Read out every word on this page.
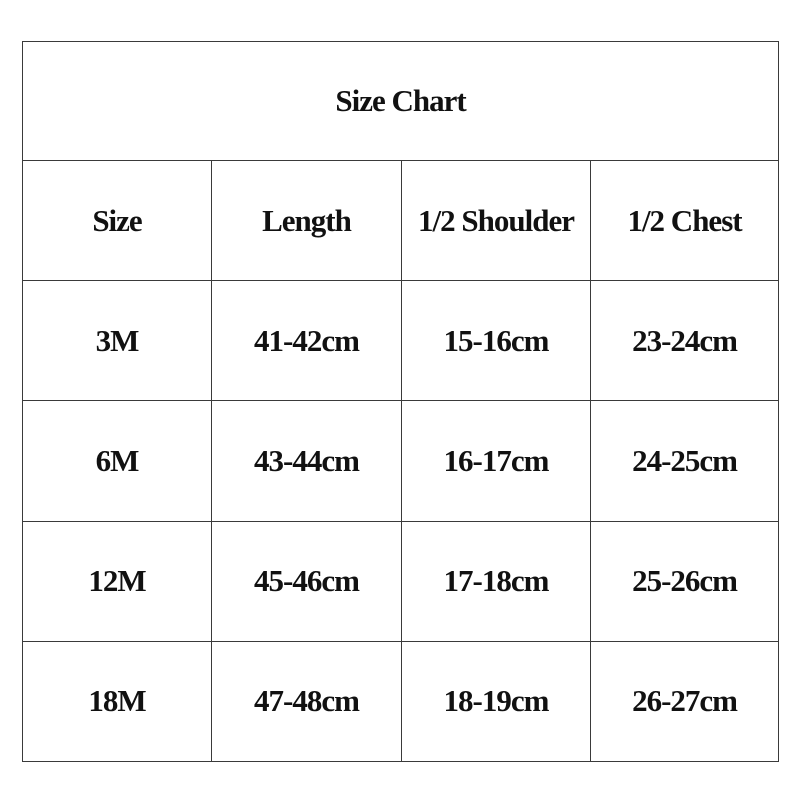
Size Chart			
Size	Length	1/2 Shoulder	1/2 Chest
3M	41-42cm	15-16cm	23-24cm
6M	43-44cm	16-17cm	24-25cm
12M	45-46cm	17-18cm	25-26cm
18M	47-48cm	18-19cm	26-27cm
